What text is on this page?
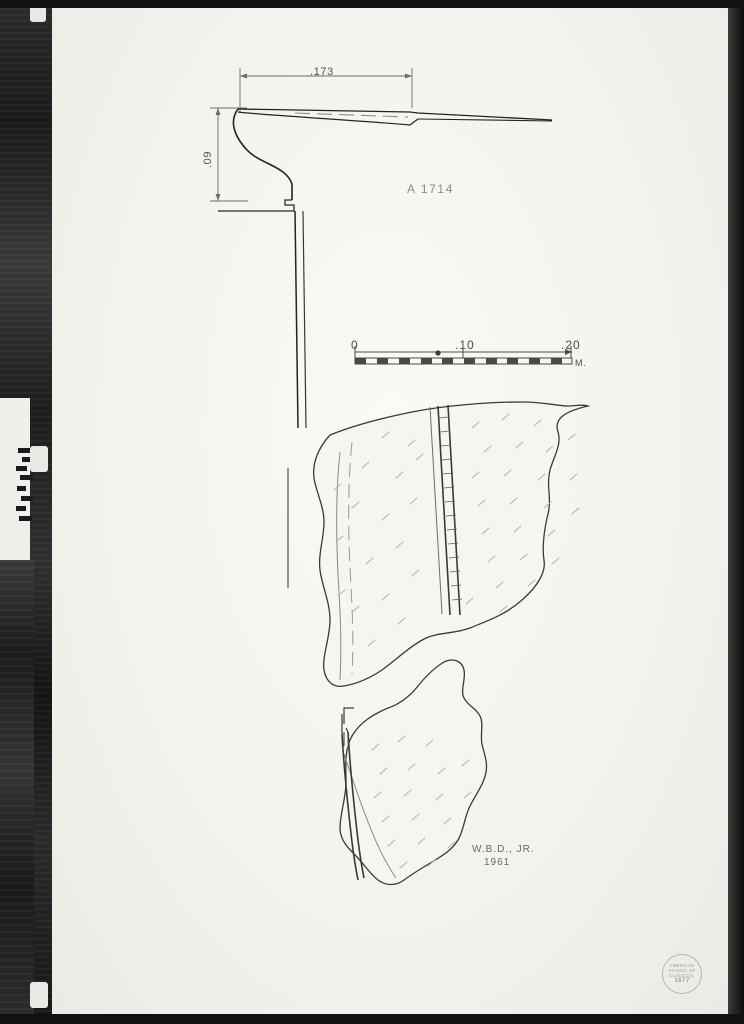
.173
.09
A 1714
0	.10	.20
M.
W.B.D., JR.
1961
AMERICAN SCHOOL OF CLASSICAL
1677
